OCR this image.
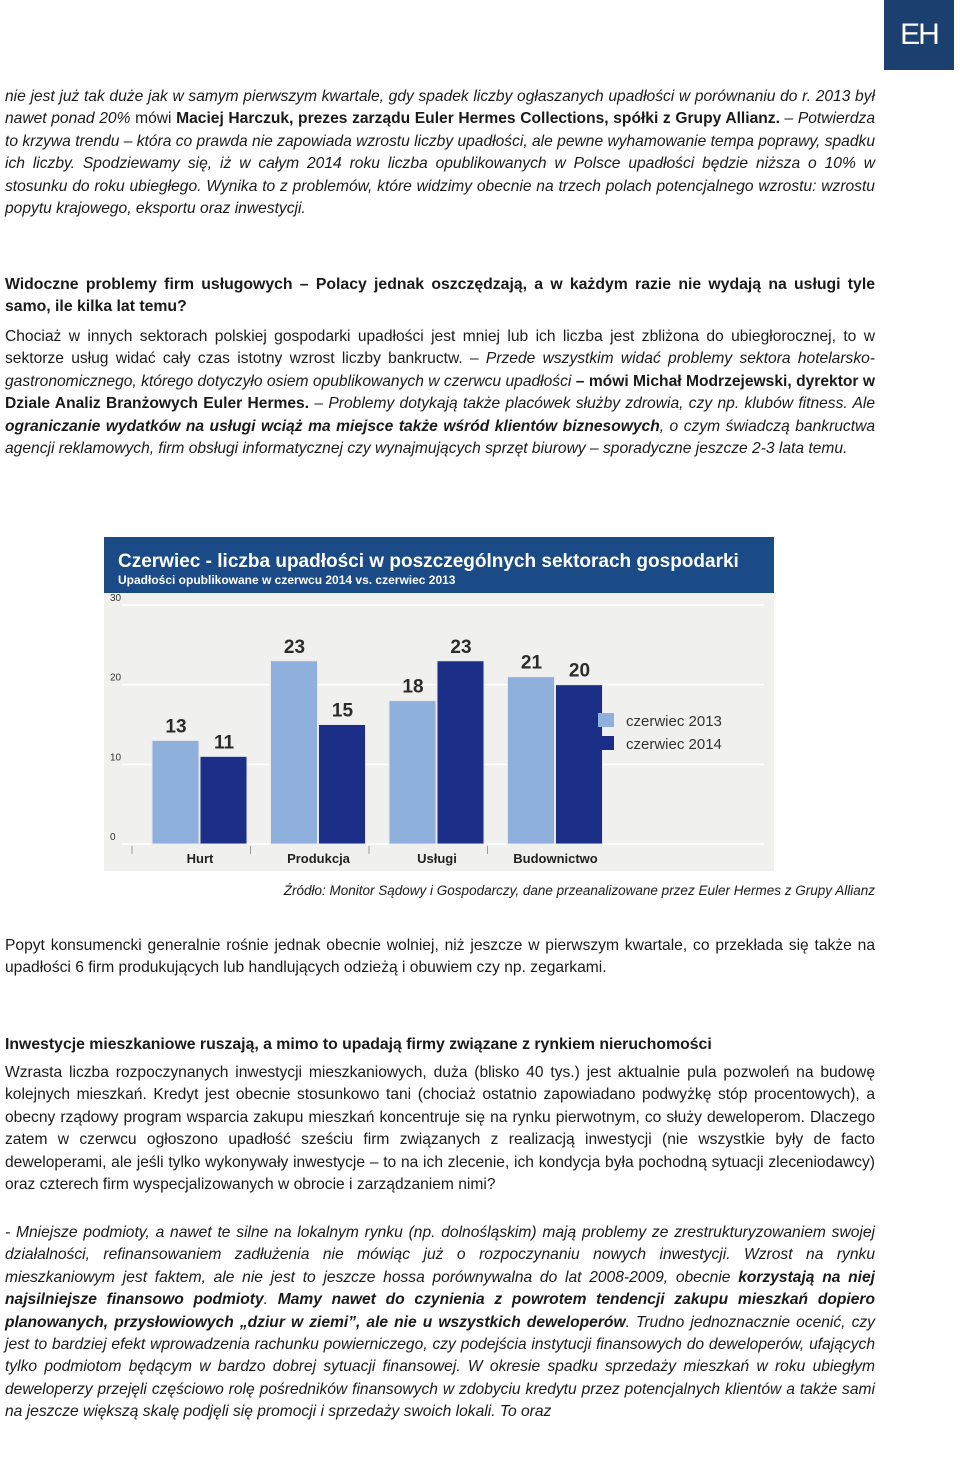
EH

nie jest już tak duże jak w samym pierwszym kwartale, gdy spadek liczby ogłaszanych upadłości w porównaniu do r. 2013 był nawet ponad 20% mówi Maciej Harczuk, prezes zarządu Euler Hermes Collections, spółki z Grupy Allianz. – Potwierdza to krzywa trendu – która co prawda nie zapowiada wzrostu liczby upadłości, ale pewne wyhamowanie tempa poprawy, spadku ich liczby. Spodziewamy się, iż w całym 2014 roku liczba opublikowanych w Polsce upadłości będzie niższa o 10% w stosunku do roku ubiegłego. Wynika to z problemów, które widzimy obecnie na trzech polach potencjalnego wzrostu: wzrostu popytu krajowego, eksportu oraz inwestycji.

Widoczne problemy firm usługowych – Polacy jednak oszczędzają, a w każdym razie nie wydają na usługi tyle samo, ile kilka lat temu?

Chociaż w innych sektorach polskiej gospodarki upadłości jest mniej lub ich liczba jest zbliżona do ubiegłorocznej, to w sektorze usług widać cały czas istotny wzrost liczby bankructw. – Przede wszystkim widać problemy sektora hotelarsko-gastronomicznego, którego dotyczyło osiem opublikowanych w czerwcu upadłości – mówi Michał Modrzejewski, dyrektor w Dziale Analiz Branżowych Euler Hermes. – Problemy dotykają także placówek służby zdrowia, czy np. klubów fitness. Ale ograniczanie wydatków na usługi wciąż ma miejsce także wśród klientów biznesowych, o czym świadczą bankructwa agencji reklamowych, firm obsługi informatycznej czy wynajmujących sprzęt biurowy – sporadyczne jeszcze 2-3 lata temu.

Czerwiec - liczba upadłości w poszczególnych sektorach gospodarki
Upadłości opublikowane w czerwcu 2014 vs. czerwiec 2013
0
10
20
30
13
11
Hurt
23
15
Produkcja
18
23
Usługi
21 20
Budownictwo
czerwiec 2013
czerwiec 2014
Źródło: Monitor Sądowy i Gospodarczy, dane przeanalizowane przez Euler Hermes z Grupy Allianz
Popyt konsumencki generalnie rośnie jednak obecnie wolniej, niż jeszcze w pierwszym kwartale, co przekłada się także na upadłości 6 firm produkujących lub handlujących odzieżą i obuwiem czy np. zegarkami.
Inwestycje mieszkaniowe ruszają, a mimo to upadają firmy związane z rynkiem nieruchomości
Wzrasta liczba rozpoczynanych inwestycji mieszkaniowych, duża (blisko 40 tys.) jest aktualnie pula pozwoleń na budowę kolejnych mieszkań. Kredyt jest obecnie stosunkowo tani (chociaż ostatnio zapowiadano podwyżkę stóp procentowych), a obecny rządowy program wsparcia zakupu mieszkań koncentruje się na rynku pierwotnym, co służy deweloperom. Dlaczego zatem w czerwcu ogłoszono upadłość sześciu firm związanych z realizacją inwestycji (nie wszystkie były de facto deweloperami, ale jeśli tylko wykonywały inwestycje – to na ich zlecenie, ich kondycja była pochodną sytuacji zleceniodawcy) oraz czterech firm wyspecjalizowanych w obrocie i zarządzaniem nimi?

- Mniejsze podmioty, a nawet te silne na lokalnym rynku (np. dolnośląskim) mają problemy ze zrestrukturyzowaniem swojej działalności, refinansowaniem zadłużenia nie mówiąc już o rozpoczynaniu nowych inwestycji. Wzrost na rynku mieszkaniowym jest faktem, ale nie jest to jeszcze hossa porównywalna do lat 2008-2009, obecnie korzystają na niej najsilniejsze finansowo podmioty. Mamy nawet do czynienia z powrotem tendencji zakupu mieszkań dopiero planowanych, przysłowiowych „dziur w ziemi”, ale nie u wszystkich deweloperów. Trudno jednoznacznie ocenić, czy jest to bardziej efekt wprowadzenia rachunku powierniczego, czy podejścia instytucji finansowych do deweloperów, ufających tylko podmiotom będącym w bardzo dobrej sytuacji finansowej. W okresie spadku sprzedaży mieszkań w roku ubiegłym deweloperzy przejęli częściowo rolę pośredników finansowych w zdobyciu kredytu przez potencjalnych klientów a także sami na jeszcze większą skalę podjęli się promocji i sprzedaży swoich lokali. To oraz
